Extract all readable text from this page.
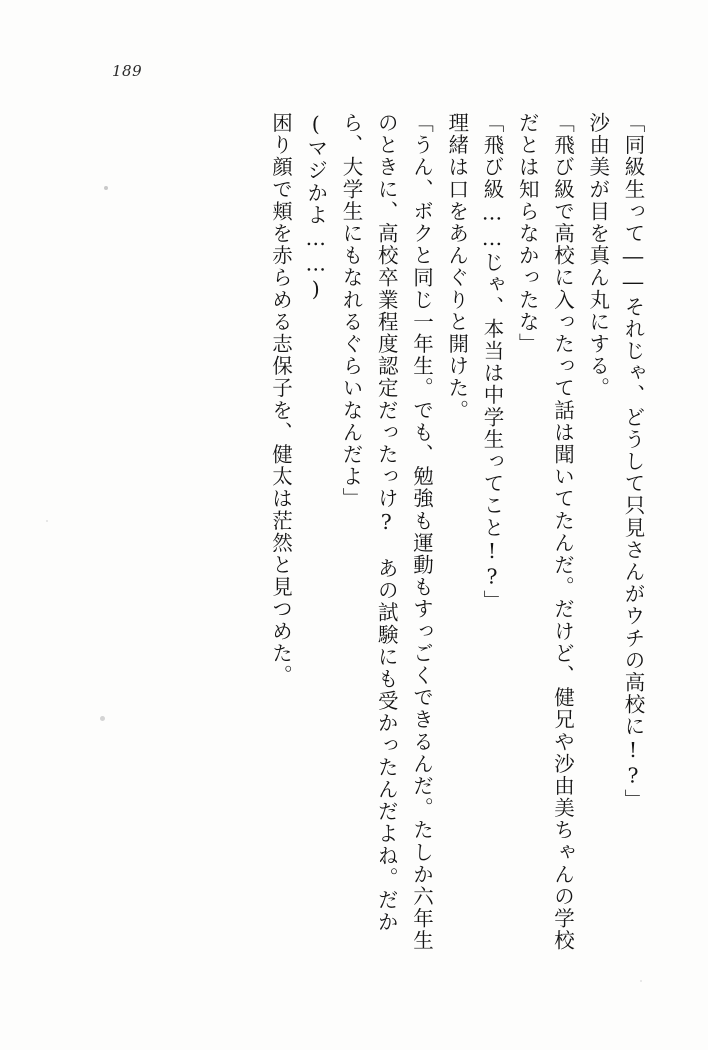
189

「同級生って――それじゃ、どうして只見さんがウチの高校に!?」

沙由美が目を真ん丸にする。

「飛び級で高校に入ったって話は聞いてたんだ。だけど、健兄や沙由美ちゃんの学校だとは知らなかったな」

「飛び級……じゃ、本当は中学生ってこと!?」

理緒は口をあんぐりと開けた。

「うん、ボクと同じ一年生。でも、勉強も運動もすっごくできるんだ。たしか六年生のときに、高校卒業程度認定だったっけ?　あの試験にも受かったんだよね。だから、大学生にもなれるぐらいなんだよ」

(マジかよ……)

困り顔で頬を赤らめる志保子を、健太は茫然と見つめた。
